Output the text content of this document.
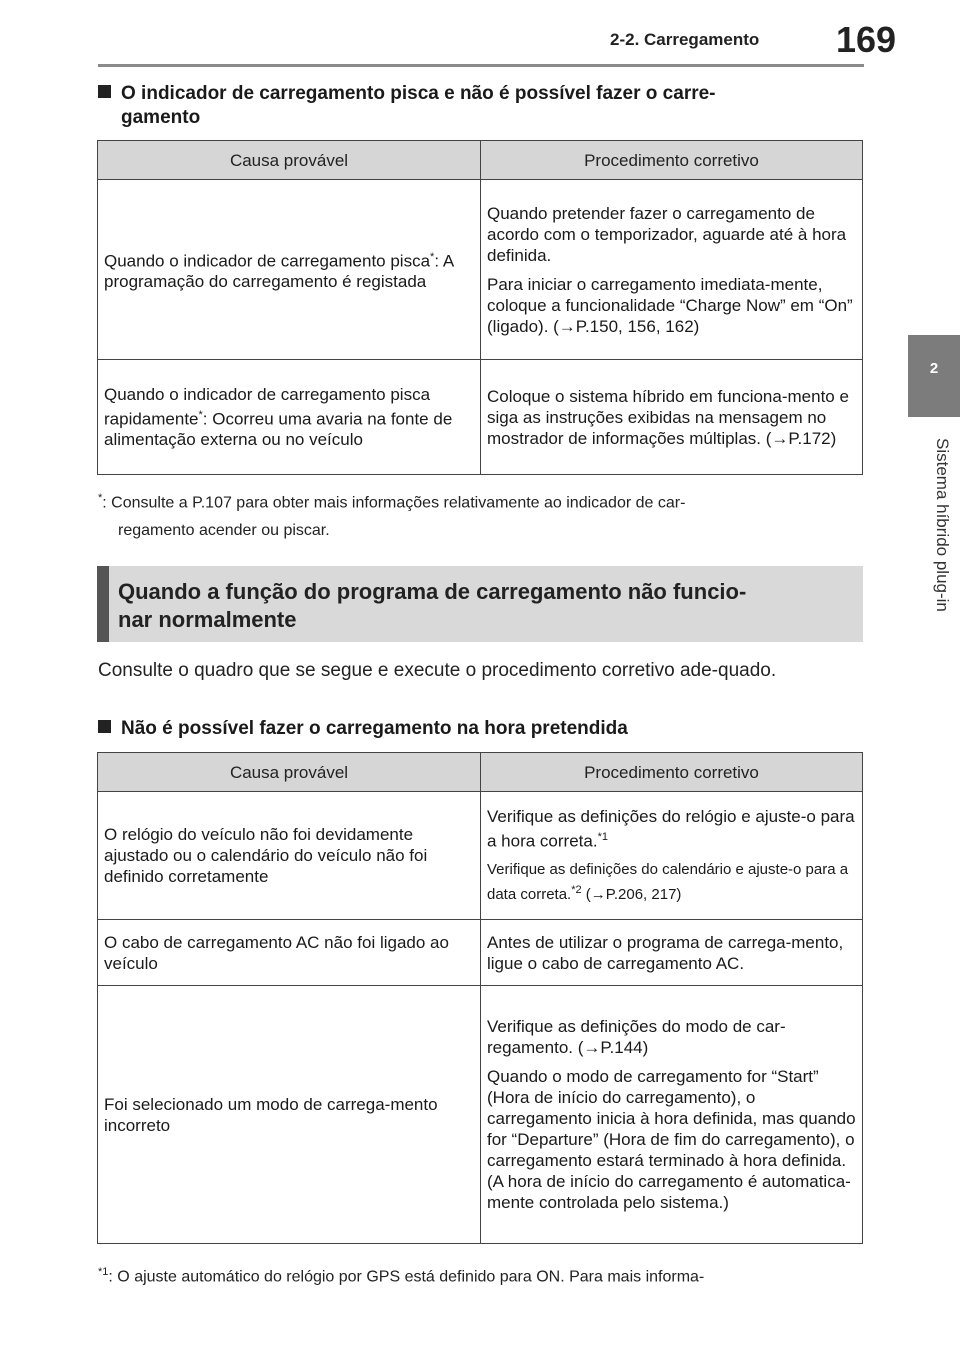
2-2. Carregamento 169
2
Sistema híbrido plug-in
O indicador de carregamento pisca e não é possível fazer o carre-
gamento
Causa provável	Procedimento corretivo
Quando o indicador de carregamento pisca*: A programação do carregamento é registada	Quando pretender fazer o carregamento de acordo com o temporizador, aguarde até à hora definida.

Para iniciar o carregamento imediata-mente, coloque a funcionalidade “Charge Now” em “On” (ligado). (→P.150, 156, 162)

Quando o indicador de carregamento pisca rapidamente*: Ocorreu uma avaria na fonte de alimentação externa ou no veículo	Coloque o sistema híbrido em funciona-mento e siga as instruções exibidas na mensagem no mostrador de informações múltiplas. (→P.172)
*: Consulte a P.107 para obter mais informações relativamente ao indicador de car-
regamento acender ou piscar.
Quando a função do programa de carregamento não funcio-
nar normalmente
Consulte o quadro que se segue e execute o procedimento corretivo ade-quado.
Não é possível fazer o carregamento na hora pretendida
Causa provável	Procedimento corretivo
O relógio do veículo não foi devidamente ajustado ou o calendário do veículo não foi definido corretamente	Verifique as definições do relógio e ajuste-o para a hora correta.$^{*1}$

Verifique as definições do calendário e ajuste-o para a data correta.$^{*2}$ (→P.206, 217)

O cabo de carregamento AC não foi ligado ao veículo	Antes de utilizar o programa de carrega-mento, ligue o cabo de carregamento AC.
Foi selecionado um modo de carrega-mento incorreto	Verifique as definições do modo de car-regamento. (→P.144)

Quando o modo de carregamento for “Start” (Hora de início do carregamento), o carregamento inicia à hora definida, mas quando for “Departure” (Hora de fim do carregamento), o carregamento estará terminado à hora definida. (A hora de início do carregamento é automatica-mente controlada pelo sistema.)

$^{*1}$: O ajuste automático do relógio por GPS está definido para ON. Para mais informa-
